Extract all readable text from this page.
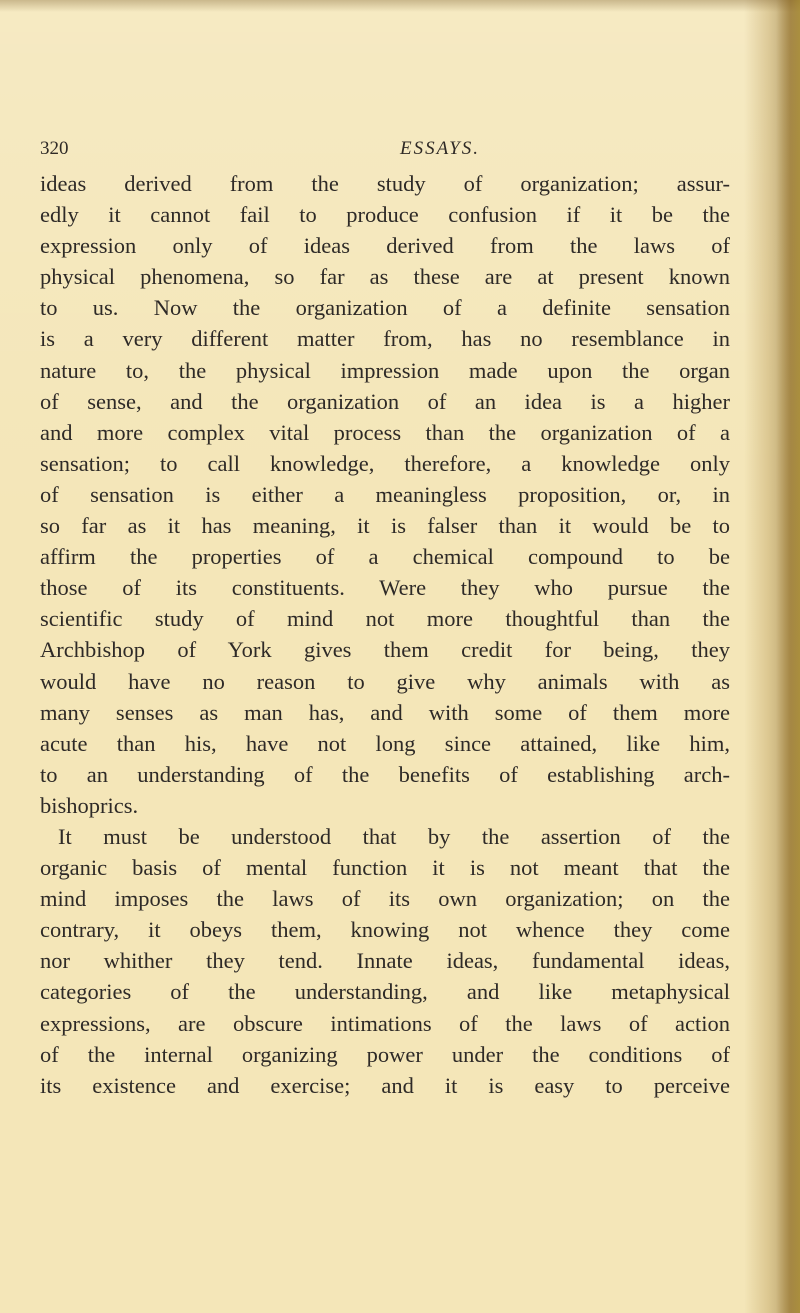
320	ESSAYS.
ideas derived from the study of organization; assur-
edly it cannot fail to produce confusion if it be the
expression only of ideas derived from the laws of
physical phenomena, so far as these are at present known
to us. Now the organization of a definite sensation
is a very different matter from, has no resemblance in
nature to, the physical impression made upon the organ
of sense, and the organization of an idea is a higher
and more complex vital process than the organization of a
sensation; to call knowledge, therefore, a knowledge only
of sensation is either a meaningless proposition, or, in
so far as it has meaning, it is falser than it would be to
affirm the properties of a chemical compound to be
those of its constituents. Were they who pursue the
scientific study of mind not more thoughtful than the
Archbishop of York gives them credit for being, they
would have no reason to give why animals with as
many senses as man has, and with some of them more
acute than his, have not long since attained, like him,
to an understanding of the benefits of establishing arch-
bishoprics.
It must be understood that by the assertion of the
organic basis of mental function it is not meant that the
mind imposes the laws of its own organization; on the
contrary, it obeys them, knowing not whence they come
nor whither they tend. Innate ideas, fundamental ideas,
categories of the understanding, and like metaphysical
expressions, are obscure intimations of the laws of action
of the internal organizing power under the conditions of
its existence and exercise; and it is easy to perceive
